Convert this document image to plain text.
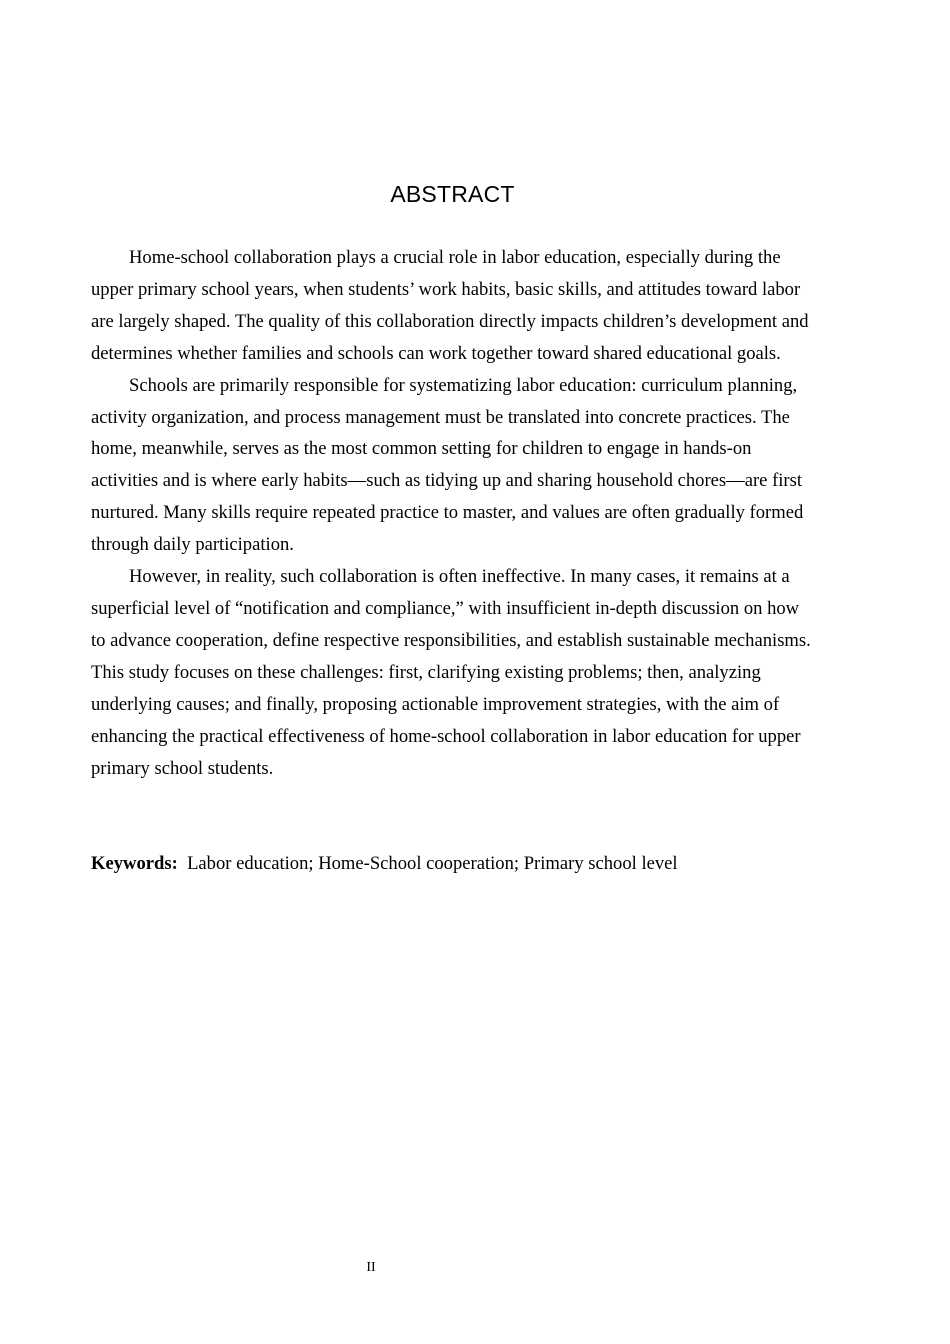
ABSTRACT

Home-school collaboration plays a crucial role in labor education, especially during the upper primary school years, when students’ work habits, basic skills, and attitudes toward labor are largely shaped. The quality of this collaboration directly impacts children’s development and determines whether families and schools can work together toward shared educational goals.

Schools are primarily responsible for systematizing labor education: curriculum planning, activity organization, and process management must be translated into concrete practices. The home, meanwhile, serves as the most common setting for children to engage in hands-on activities and is where early habits—such as tidying up and sharing household chores—are first nurtured. Many skills require repeated practice to master, and values are often gradually formed through daily participation.

However, in reality, such collaboration is often ineffective. In many cases, it remains at a superficial level of “notification and compliance,” with insufficient in-depth discussion on how to advance cooperation, define respective responsibilities, and establish sustainable mechanisms. This study focuses on these challenges: first, clarifying existing problems; then, analyzing underlying causes; and finally, proposing actionable improvement strategies, with the aim of enhancing the practical effectiveness of home-school collaboration in labor education for upper primary school students.

Keywords: Labor education; Home-School cooperation; Primary school level
II
